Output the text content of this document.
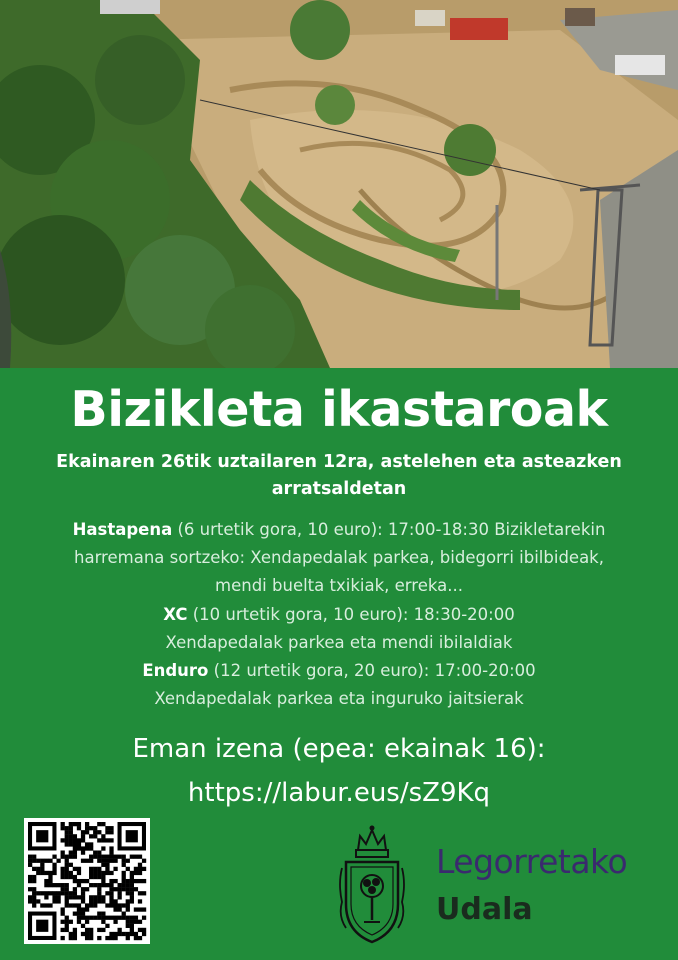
Bizikleta ikastaroak
Ekainaren 26tik uztailaren 12ra, astelehen eta asteazken arratsaldetan
Hastapena (6 urtetik gora, 10 euro): 17:00-18:30 Bizikletarekin
harremana sortzeko: Xendapedalak parkea, bidegorri ibilbideak,
mendi buelta txikiak, erreka...
XC (10 urtetik gora, 10 euro): 18:30-20:00
Xendapedalak parkea eta mendi ibilaldiak
Enduro (12 urtetik gora, 20 euro): 17:00-20:00
Xendapedalak parkea eta inguruko jaitsierak
Eman izena (epea: ekainak 16):
https://labur.eus/sZ9Kq
Legorretako
Udala
